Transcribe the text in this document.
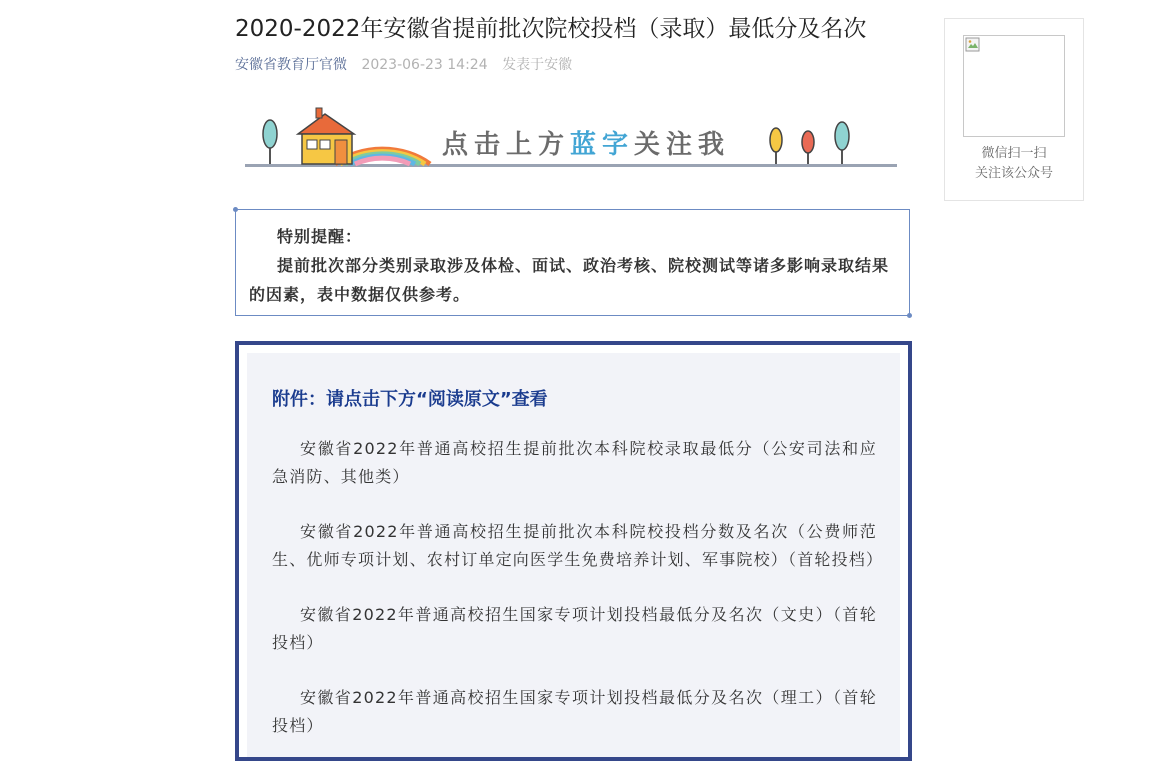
2020-2022年安徽省提前批次院校投档（录取）最低分及名次
安徽省教育厅官微 2023-06-23 14:24 发表于安徽
点击上方蓝字关注我

特别提醒：

提前批次部分类别录取涉及体检、面试、政治考核、院校测试等诸多影响录取结果的因素，表中数据仅供参考。

附件：请点击下方“阅读原文”查看

安徽省2022年普通高校招生提前批次本科院校录取最低分（公安司法和应急消防、其他类）

安徽省2022年普通高校招生提前批次本科院校投档分数及名次（公费师范生、优师专项计划、农村订单定向医学生免费培养计划、军事院校）（首轮投档）

安徽省2022年普通高校招生国家专项计划投档最低分及名次（文史）（首轮投档）

安徽省2022年普通高校招生国家专项计划投档最低分及名次（理工）（首轮投档）

微信扫一扫
关注该公众号
